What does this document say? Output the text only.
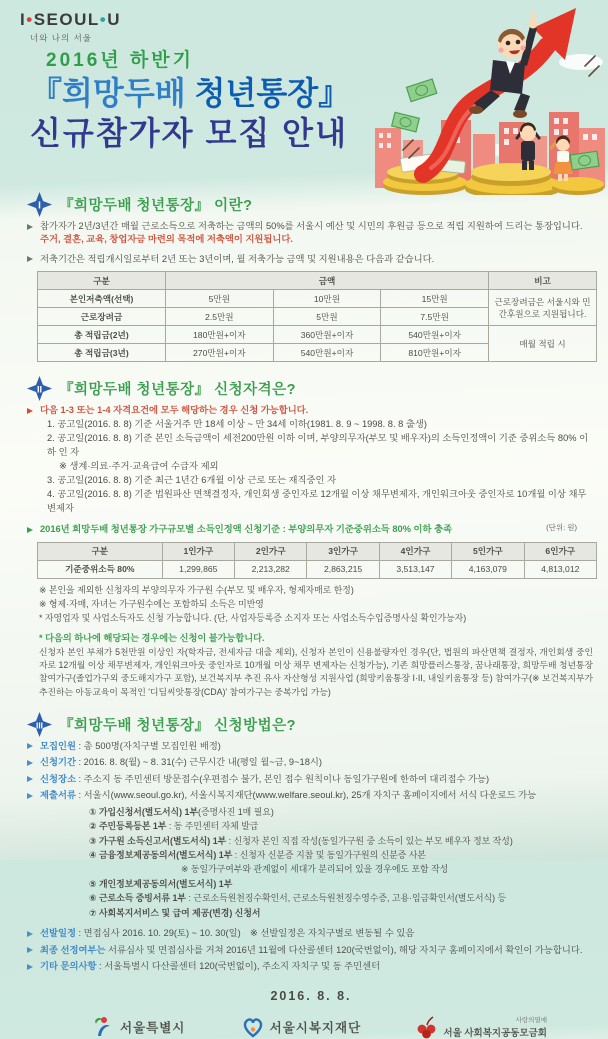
I•SEOUL•U
너와 나의 서울
2016년 하반기
『희망두배 청년통장』
신규참가자 모집 안내
I 『희망두배 청년통장』 이란?
참가자가 2년/3년간 매월 근로소득으로 저축하는 금액의 50%를 서울시 예산 및 시민의 후원금 등으로 적립 지원하여 드리는 통장입니다.
주거, 결혼, 교육, 창업자금 마련의 목적에 저축액이 지원됩니다.
저축기간은 적립개시일로부터 2년 또는 3년이며, 월 저축가능 금액 및 지원내용은 다음과 같습니다.
구분	금액			비고
본인저축액(선택)	5만원	10만원	15만원	근로장려금은 서울시와 민간후원으로 지원됩니다.
근로장려금	2.5만원	5만원	7.5만원	
총 적립금(2년)	180만원+이자	360만원+이자	540만원+이자	매월 적립 시
총 적립금(3년)	270만원+이자	540만원+이자	810만원+이자	
II 『희망두배 청년통장』 신청자격은?
다음 1-3 또는 1-4 자격요건에 모두 해당하는 경우 신청 가능합니다.
1. 공고일(2016. 8. 8) 기준 서울거주 만 18세 이상 ~ 만 34세 이하(1981. 8. 9 ~ 1998. 8. 8 출생)
2. 공고일(2016. 8. 8) 기준 본인 소득금액이 세전200만원 이하 이며, 부양의무자(부모 및 배우자)의 소득인정액이 기준 중위소득 80% 이하 인 자
※ 생계·의료·주거·교육급여 수급자 제외
3. 공고일(2016. 8. 8) 기준 최근 1년간 6개월 이상 근로 또는 재직중인 자
4. 공고일(2016. 8. 8) 기준 법원파산 면책결정자, 개인회생 중인자로 12개월 이상 채무변제자, 개인워크아웃 중인자로 10개월 이상 채무 변제자
2016년 희망두배 청년통장 가구규모별 소득인정액 신청기준 : 부양의무자 기준중위소득 80% 이하 충족	(단위: 원)
구분	1인가구	2인가구	3인가구	4인가구	5인가구	6인가구
기준중위소득 80%	1,299,865	2,213,282	2,863,215	3,513,147	4,163,079	4,813,012
※ 본인을 제외한 신청자의 부양의무자 가구원 수(부모 및 배우자, 형제자매로 한정)
※ 형제·자매, 자녀는 가구원수에는 포함하되 소득은 미반영
* 자영업자 및 사업소득자도 신청 가능합니다. (단, 사업자등록증 소지자 또는 사업소득수입증명사실 확인가능자)
* 다음의 하나에 해당되는 경우에는 신청이 불가능합니다.
신청자 본인 부채가 5천만원 이상인 자(학자금, 전세자금 대출 제외), 신청자 본인이 신용불량자인 경우(단, 법원의 파산면책 결정자, 개인회생 중인 자로 12개월 이상 채무변제자, 개인워크아웃 중인자로 10개월 이상 채무 변제자는 신청가능), 기존 희망플러스통장, 꿈나래통장, 희망두배 청년통장 참여가구(졸업가구외 중도해지가구 포함), 보건복지부 추진 유사 자산형성 지원사업 (희망키움통장 I·II, 내일키움통장 등) 참여가구(※ 보건복지부가 추진하는 아동교육이 목적인 '디딤씨앗통장(CDA)' 참여가구는 중복가입 가능)
III 『희망두배 청년통장』 신청방법은?
모집인원 : 총 500명(자치구별 모집인원 배정)
신청기간 : 2016. 8. 8(월) ~ 8. 31(수) 근무시간 내(평일 월~금, 9~18시)
신청장소 : 주소지 동 주민센터 방문접수(우편접수 불가, 본인 접수 원칙이나 동일가구원에 한하여 대리접수 가능)
제출서류 : 서울시(www.seoul.go.kr), 서울시복지재단(www.welfare.seoul.kr), 25개 자치구 홈페이지에서 서식 다운로드 가능
① 가입신청서(별도서식) 1부(증명사진 1매 필요)
② 주민등록등본 1부 : 동 주민센터 자체 발급
③ 가구원 소득신고서(별도서식) 1부 : 신청자 본인 직접 작성(동일가구원 중 소득이 있는 부모 배우자 정보 작성)
④ 금융정보제공동의서(별도서식) 1부 : 신청자 신분증 지참 및 동일가구원의 신분증 사본
※ 동일가구여부와 관계없이 세대가 분리되어 있을 경우에도 포함 작성
⑤ 개인정보제공동의서(별도서식) 1부
⑥ 근로소득 증빙서류 1부 : 근로소득원천징수확인서, 근로소득원천징수영수증, 고용·임금확인서(별도서식) 등
⑦ 사회복지서비스 및 급여 제공(변경) 신청서
선발일정 : 면접심사 2016. 10. 29(토) ~ 10. 30(일)　※ 선발일정은 자치구별로 변동될 수 있음
최종 선정여부는 서류심사 및 면접심사를 거쳐 2016년 11월에 다산콜센터 120(국번없이), 해당 자치구 홈페이지에서 확인이 가능합니다.
기타 문의사항 : 서울특별시 다산콜센터 120(국번없이), 주소지 자치구 및 동 주민센터
2016. 8. 8.
서울특별시	서울시복지재단
사랑의열매
서울 사회복지공동모금회
